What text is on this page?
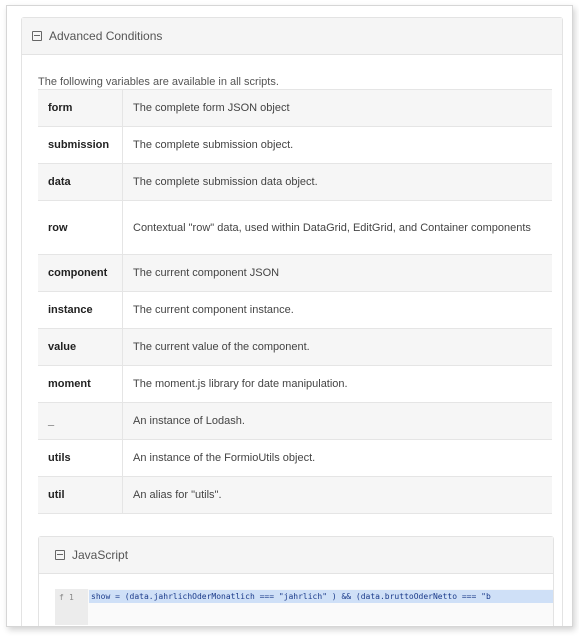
Advanced Conditions
The following variables are available in all scripts.
form	The complete form JSON object
submission	The complete submission object.
data	The complete submission data object.
row	Contextual "row" data, used within DataGrid, EditGrid, and Container components
component	The current component JSON
instance	The current component instance.
value	The current value of the component.
moment	The moment.js library for date manipulation.
_	An instance of Lodash.
utils	An instance of the FormioUtils object.
util	An alias for "utils".
JavaScript
f 1 show = (data.jahrlichOderMonatlich === "jahrlich" ) && (data.bruttoOderNetto === "b
